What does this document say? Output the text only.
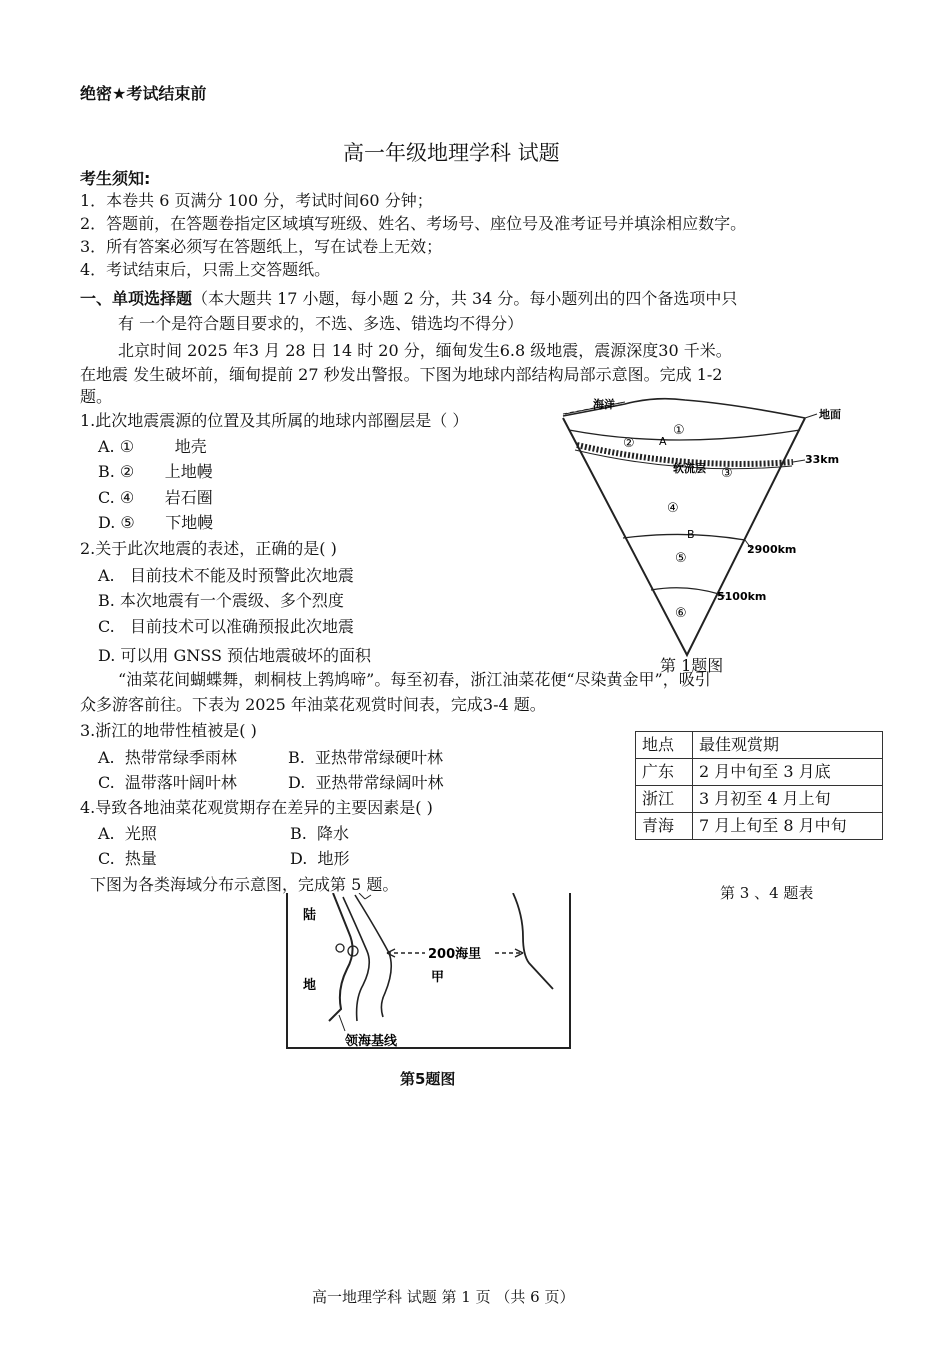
绝密★考试结束前
高一年级地理学科 试题
考生须知:
1．本卷共 6 页满分 100 分，考试时间60 分钟；
2．答题前，在答题卷指定区域填写班级、姓名、考场号、座位号及准考证号并填涂相应数字。
3．所有答案必须写在答题纸上，写在试卷上无效；
4．考试结束后，只需上交答题纸。
一、单项选择题（本大题共 17 小题，每小题 2 分，共 34 分。每小题列出的四个备选项中只
有 一个是符合题目要求的，不选、多选、错选均不得分）
北京时间 2025 年3 月 28 日 14 时 20 分，缅甸发生6.8 级地震，震源深度30 千米。
在地震 发生破坏前，缅甸提前 27 秒发出警报。下图为地球内部结构局部示意图。完成 1-2
题。
1.此次地震震源的位置及其所属的地球内部圈层是（ ）
A. ①        地壳
B. ②      上地幔
C. ④      岩石圈
D. ⑤      下地幔
2.关于此次地震的表述，正确的是( )
A.   目前技术不能及时预警此次地震
B. 本次地震有一个震级、多个烈度
C.   目前技术可以准确预报此次地震
D. 可以用 GNSS 预估地震破坏的面积
海洋
地面
①
② A
软流层 ③
33km
④
B
⑤
2900km
5100km
⑥
第 1题图
“油菜花间蝴蝶舞，刺桐枝上鹁鸠啼”。每至初春，浙江油菜花便“尽染黄金甲”，吸引
众多游客前往。下表为 2025 年油菜花观赏时间表，完成3-4 题。
3.浙江的地带性植被是( )
A.  热带常绿季雨林	B.  亚热带常绿硬叶林
C.  温带落叶阔叶林	D.  亚热带常绿阔叶林
4.导致各地油菜花观赏期存在差异的主要因素是( )
A.  光照	B.  降水
C.  热量	D.  地形
地点	最佳观赏期
广东	2 月中旬至 3 月底
浙江	3 月初至 4 月上旬
青海	7 月上旬至 8 月中旬
第 3 、4 题表
下图为各类海域分布示意图，完成第 5 题。
陆
地
200海里
甲
领海基线
第5题图
高一地理学科 试题 第 1 页 （共 6 页）
